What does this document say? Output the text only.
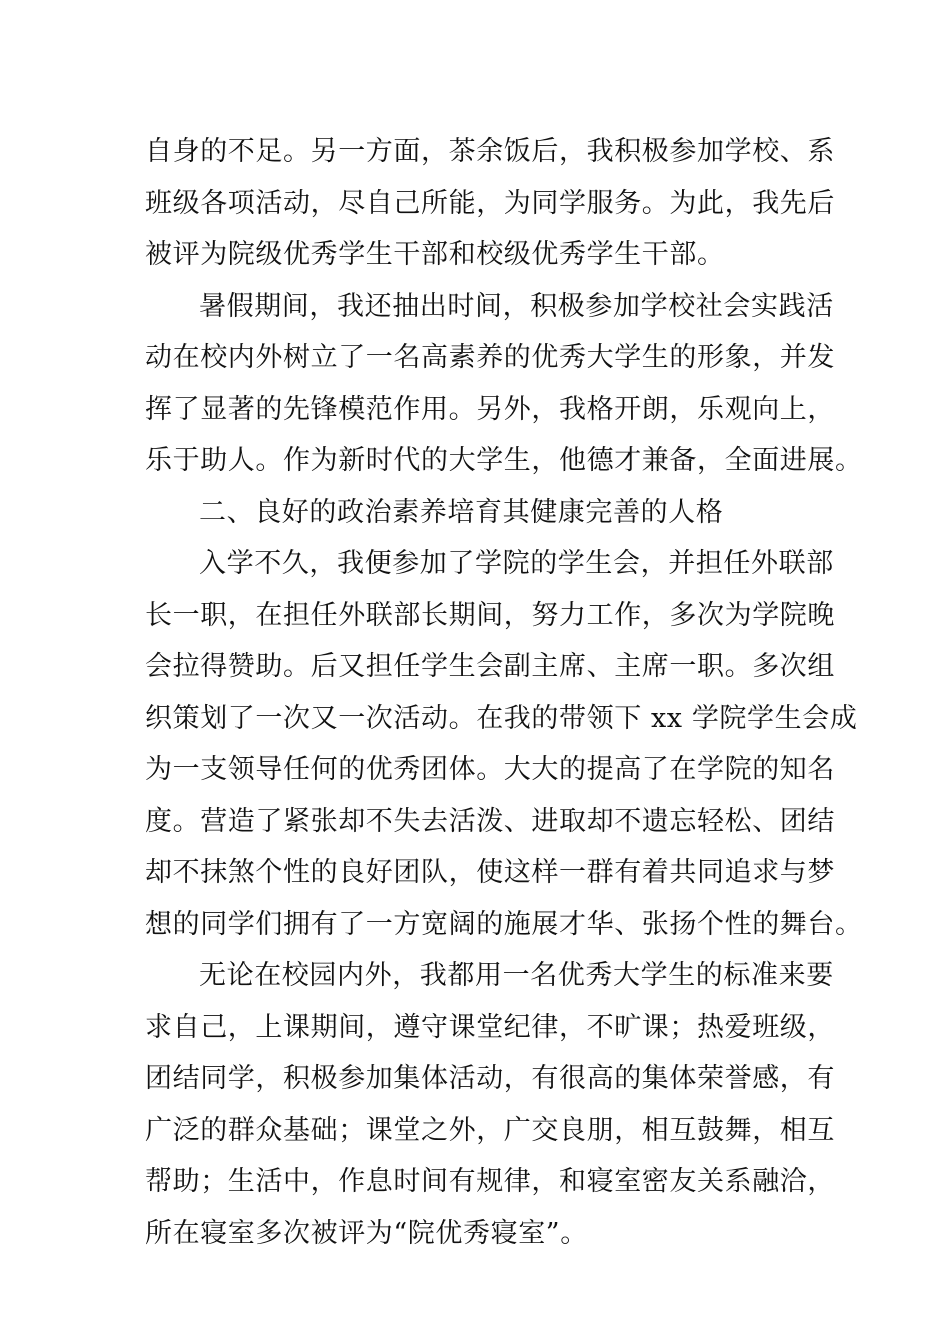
自身的不足。另一方面，茶余饭后，我积极参加学校、系
班级各项活动，尽自己所能，为同学服务。为此，我先后
被评为院级优秀学生干部和校级优秀学生干部。
暑假期间，我还抽出时间，积极参加学校社会实践活
动在校内外树立了一名高素养的优秀大学生的形象，并发
挥了显著的先锋模范作用。另外，我格开朗，乐观向上，
乐于助人。作为新时代的大学生，他德才兼备，全面进展。
二、良好的政治素养培育其健康完善的人格
入学不久，我便参加了学院的学生会，并担任外联部
长一职，在担任外联部长期间，努力工作，多次为学院晚
会拉得赞助。后又担任学生会副主席、主席一职。多次组
织策划了一次又一次活动。在我的带领下 xx 学院学生会成
为一支领导任何的优秀团体。大大的提高了在学院的知名
度。营造了紧张却不失去活泼、进取却不遗忘轻松、团结
却不抹煞个性的良好团队，使这样一群有着共同追求与梦
想的同学们拥有了一方宽阔的施展才华、张扬个性的舞台。
无论在校园内外，我都用一名优秀大学生的标准来要
求自己，上课期间，遵守课堂纪律，不旷课；热爱班级，
团结同学，积极参加集体活动，有很高的集体荣誉感，有
广泛的群众基础；课堂之外，广交良朋，相互鼓舞，相互
帮助；生活中，作息时间有规律，和寝室密友关系融洽，
所在寝室多次被评为“院优秀寝室”。
